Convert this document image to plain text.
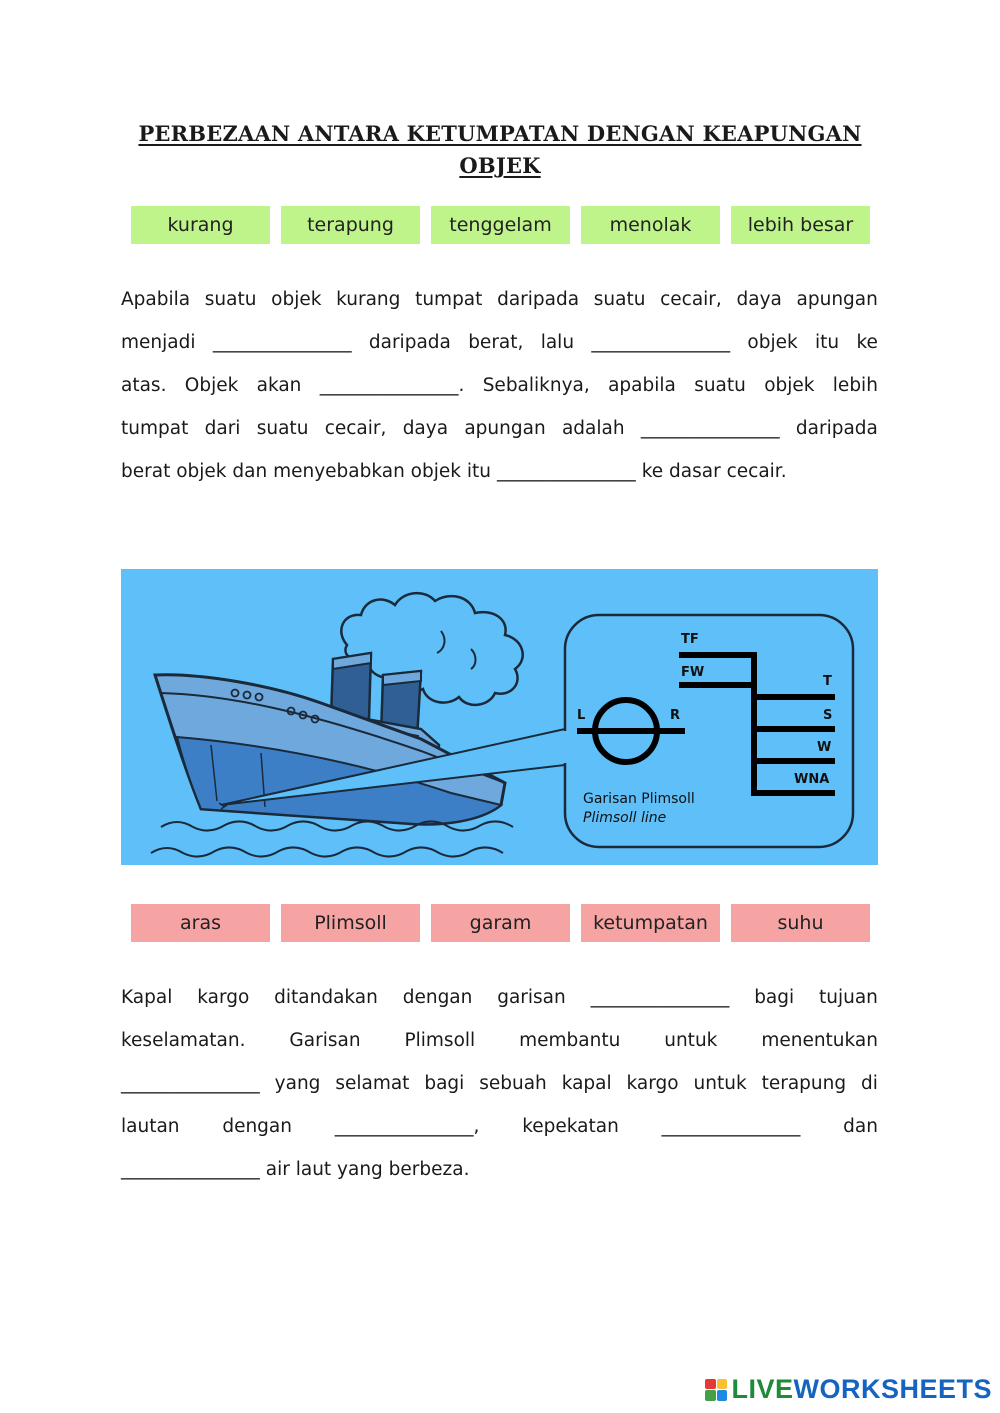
PERBEZAAN ANTARA KETUMPATAN DENGAN KEAPUNGAN
OBJEK
kurang	terapung	tenggelam	menolak	lebih besar
Apabila suatu objek kurang tumpat daripada suatu cecair, daya apungan
menjadi _______________ daripada berat, lalu _______________ objek itu ke
atas. Objek akan _______________. Sebaliknya, apabila suatu objek lebih
tumpat dari suatu cecair, daya apungan adalah _______________ daripada
berat objek dan menyebabkan objek itu _______________ ke dasar cecair.
L	R
TF
FW
T
S
W
WNA
Garisan Plimsoll
Plimsoll line
aras	Plimsoll	garam	ketumpatan	suhu
Kapal kargo ditandakan dengan garisan _______________ bagi tujuan
keselamatan. Garisan Plimsoll membantu untuk menentukan
_______________ yang selamat bagi sebuah kapal kargo untuk terapung di
lautan dengan _______________, kepekatan _______________ dan
_______________ air laut yang berbeza.
LIVE WORKSHEETS
